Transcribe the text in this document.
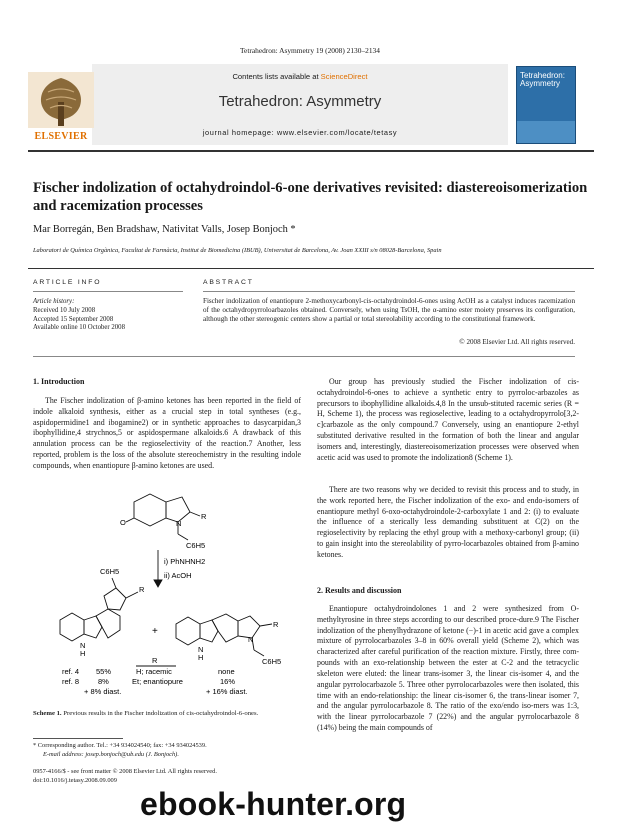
Tetrahedron: Asymmetry 19 (2008) 2130–2134
ELSEVIER
Contents lists available at ScienceDirect
Tetrahedron: Asymmetry
journal homepage: www.elsevier.com/locate/tetasy
Tetrahedron: Asymmetry
Fischer indolization of octahydroindol-6-one derivatives revisited: diastereoisomerization and racemization processes
Mar Borregán, Ben Bradshaw, Nativitat Valls, Josep Bonjoch *
Laboratori de Química Orgànica, Facultat de Farmàcia, Institut de Biomedicina (IBUB), Universitat de Barcelona, Av. Joan XXIII s/n 08028-Barcelona, Spain
ARTICLE INFO	ABSTRACT
Article history:
Received 10 July 2008
Accepted 15 September 2008
Available online 10 October 2008
Fischer indolization of enantiopure 2-methoxycarbonyl-cis-octahydroindol-6-ones using AcOH as a catalyst induces racemization of the octahydropyrroloarbazoles obtained. Conversely, when using TsOH, the α-amino ester moiety preserves its configuration, although the other stereogenic centers show a partial or total stereolability according to the constitutional framework.
© 2008 Elsevier Ltd. All rights reserved.
1. Introduction
The Fischer indolization of β-amino ketones has been reported in the field of indole alkaloid synthesis, either as a crucial step in total syntheses (e.g., aspidopermidine1 and ibogamine2) or in synthetic approaches to dasycarpidan,3 ibophyllidine,4 strychnos,5 or aspidospermane alkaloids.6 A drawback of this annulation process can be the regioselectivity of the reaction.7 Another, less reported, problem is the loss of the absolute stereochemistry in the resulting indole compounds, when enantiopure β-amino ketones are used.
O	N
R
C6H5
i) PhNHNH2
ii) AcOH
C6H5
R
N
H
+
N
H
R
N
C6H5
R
ref. 4 55%	H; racemic	none
ref. 8	8%	Et; enantiopure	16%
+ 8% diast.	+ 16% diast.
Scheme 1. Previous results in the Fischer indolization of cis-octahydroindol-6-ones.
* Corresponding author. Tel.: +34 934024540; fax: +34 934024539.
E-mail address: josep.bonjoch@ub.edu (J. Bonjoch).
0957-4166/$ - see front matter © 2008 Elsevier Ltd. All rights reserved.
doi:10.1016/j.tetasy.2008.09.009
Our group has previously studied the Fischer indolization of cis-octahydroindol-6-ones to achieve a synthetic entry to pyrroloc-arbazoles as precursors to ibophyllidine alkaloids.4,8 In the unsub-stituted racemic series (R = H, Scheme 1), the process was regioselective, leading to a octahydropyrrolo[3,2-c]carbazole as the only compound.7 Conversely, using an enantiopure 2-ethyl substituted derivative resulted in the formation of both the linear and angular isomers and, interestingly, diastereoisomerization processes were observed when acetic acid was used to promote the indolization8 (Scheme 1).
There are two reasons why we decided to revisit this process and to study, in the work reported here, the Fischer indolization of the exo- and endo-isomers of enantiopure methyl 6-oxo-octahydroindole-2-carboxylate 1 and 2: (i) to evaluate the influence of a sterically less demanding substituent at C(2) on the regioselectivity by replacing the ethyl group with a methoxy-carbonyl group; (ii) to gain insight into the stereolability of pyrro-locarbazoles obtained from β-amino ketones.
2. Results and discussion
Enantiopure octahydroindolones 1 and 2 were synthesized from O-methyltyrosine in three steps according to our described proce-dure.9 The Fischer indolization of the phenylhydrazone of ketone (−)-1 in acetic acid gave a complex mixture of pyrrolocarbazoles 3–8 in 60% overall yield (Scheme 2), which was characterized after careful purification of the reaction mixture. Firstly, three com-pounds with an exo-relationship between the ester at C-2 and the tetracyclic skeleton were eluted: the linear trans-isomer 3, the linear cis-isomer 4, and the angular pyrrolocarbazole 5. Three other pyrrolocarbazoles were then isolated, this time with an endo-relationship: the linear cis-isomer 6, the trans-linear isomer 7, and the angular pyrrolocarbazole 8. The ratio of the exo/endo iso-mers was 1:3, with the linear pyrrolocarbazole 7 (22%) and the angular pyrrolocarbazole 8 (14%) being the main compounds of
ebook-hunter.org
